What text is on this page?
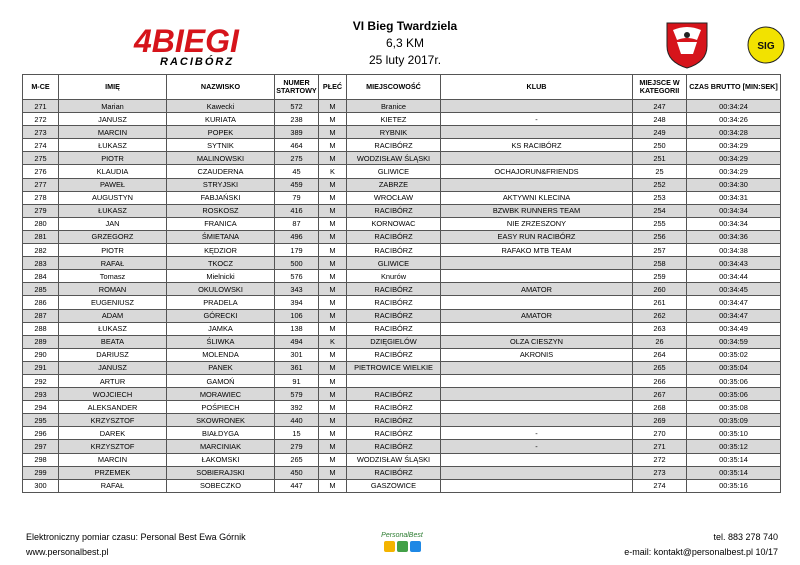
4BIEGI
RACIBÓRZ
VI Bieg Twardziela
6,3 KM
25 luty 2017r.
SIG
M-CE	IMIĘ	NAZWISKO	NUMER STARTOWY	PŁEĆ	MIEJSCOWOŚĆ	KLUB	MIEJSCE W KATEGORII	CZAS BRUTTO [MIN:SEK]
271	Marian	Kawecki	572	M	Branice		247	00:34:24
272	JANUSZ	KURIATA	238	M	KIETEZ	-	248	00:34:26
273	MARCIN	POPEK	389	M	RYBNIK		249	00:34:28
274	ŁUKASZ	SYTNIK	464	M	RACIBÓRZ	KS RACIBÓRZ	250	00:34:29
275	PIOTR	MALINOWSKI	275	M	WODZISŁAW ŚLĄSKI		251	00:34:29
276	KLAUDIA	CZAUDERNA	45	K	GLIWICE	OCHAJORUN&FRIENDS	25	00:34:29
277	PAWEŁ	STRYJSKI	459	M	ZABRZE		252	00:34:30
278	AUGUSTYN	FABJAŃSKI	79	M	WROCŁAW	AKTYWNI KLECINA	253	00:34:31
279	ŁUKASZ	ROSKOSZ	416	M	RACIBÓRZ	BZWBK RUNNERS TEAM	254	00:34:34
280	JAN	FRANICA	87	M	KORNOWAC	NIE ZRZESZONY	255	00:34:34
281	GRZEGORZ	ŚMIETANA	496	M	RACIBÓRZ	EASY RUN RACIBÓRZ	256	00:34:36
282	PIOTR	KĘDZIOR	179	M	RACIBÓRZ	RAFAKO MTB TEAM	257	00:34:38
283	RAFAŁ	TKOCZ	500	M	GLIWICE		258	00:34:43
284	Tomasz	Mielnicki	576	M	Knurów		259	00:34:44
285	ROMAN	OKULOWSKI	343	M	RACIBÓRZ	AMATOR	260	00:34:45
286	EUGENIUSZ	PRADELA	394	M	RACIBÓRZ		261	00:34:47
287	ADAM	GÓRECKI	106	M	RACIBÓRZ	AMATOR	262	00:34:47
288	ŁUKASZ	JAMKA	138	M	RACIBÓRZ		263	00:34:49
289	BEATA	ŚLIWKA	494	K	DZIĘGIELÓW	OLZA CIESZYN	26	00:34:59
290	DARIUSZ	MOLENDA	301	M	RACIBÓRZ	AKRONIS	264	00:35:02
291	JANUSZ	PANEK	361	M	PIETROWICE WIELKIE		265	00:35:04
292	ARTUR	GAMOŃ	91	M			266	00:35:06
293	WOJCIECH	MORAWIEC	579	M	RACIBÓRZ		267	00:35:06
294	ALEKSANDER	POŚPIECH	392	M	RACIBÓRZ		268	00:35:08
295	KRZYSZTOF	SKOWRONEK	440	M	RACIBÓRZ		269	00:35:09
296	DAREK	BIAŁDYGA	15	M	RACIBÓRZ	-	270	00:35:10
297	KRZYSZTOF	MARCINIAK	279	M	RACIBÓRZ	-	271	00:35:12
298	MARCIN	ŁAKOMSKI	265	M	WODZISŁAW ŚLĄSKI		272	00:35:14
299	PRZEMEK	SOBIERAJSKI	450	M	RACIBÓRZ		273	00:35:14
300	RAFAŁ	SOBECZKO	447	M	GASZOWICE		274	00:35:16
Elektroniczny pomiar czasu: Personal Best Ewa Górnik
www.personalbest.pl
PersonalBest	tel. 883 278 740
e-mail: kontakt@personalbest.pl 10/17
